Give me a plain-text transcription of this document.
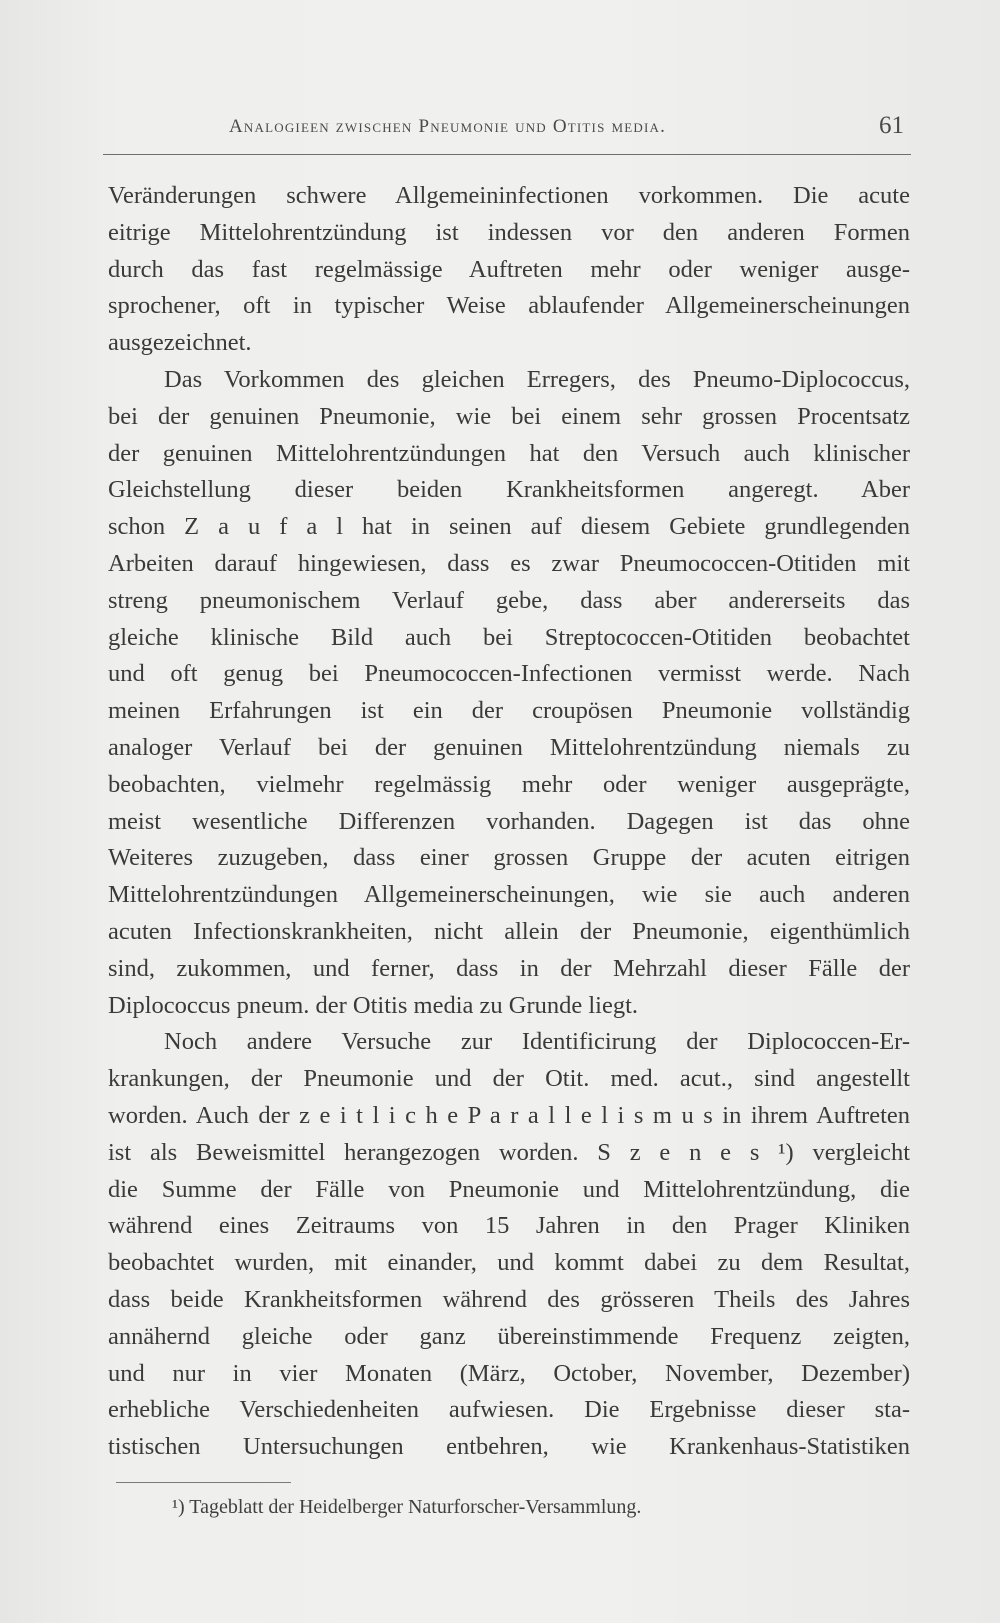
Analogieen zwischen Pneumonie und Otitis media.	61
Veränderungen schwere Allgemeininfectionen vorkommen. Die acute
eitrige Mittelohrentzündung ist indessen vor den anderen Formen
durch das fast regelmässige Auftreten mehr oder weniger ausge-
sprochener, oft in typischer Weise ablaufender Allgemeinerscheinungen
ausgezeichnet.
Das Vorkommen des gleichen Erregers, des Pneumo-Diplococcus,
bei der genuinen Pneumonie, wie bei einem sehr grossen Procentsatz
der genuinen Mittelohrentzündungen hat den Versuch auch klinischer
Gleichstellung dieser beiden Krankheitsformen angeregt. Aber
schon Z a u f a l hat in seinen auf diesem Gebiete grundlegenden
Arbeiten darauf hingewiesen, dass es zwar Pneumococcen-Otitiden mit
streng pneumonischem Verlauf gebe, dass aber andererseits das
gleiche klinische Bild auch bei Streptococcen-Otitiden beobachtet
und oft genug bei Pneumococcen-Infectionen vermisst werde. Nach
meinen Erfahrungen ist ein der croupösen Pneumonie vollständig
analoger Verlauf bei der genuinen Mittelohrentzündung niemals zu
beobachten, vielmehr regelmässig mehr oder weniger ausgeprägte,
meist wesentliche Differenzen vorhanden. Dagegen ist das ohne
Weiteres zuzugeben, dass einer grossen Gruppe der acuten eitrigen
Mittelohrentzündungen Allgemeinerscheinungen, wie sie auch anderen
acuten Infectionskrankheiten, nicht allein der Pneumonie, eigenthümlich
sind, zukommen, und ferner, dass in der Mehrzahl dieser Fälle der
Diplococcus pneum. der Otitis media zu Grunde liegt.
Noch andere Versuche zur Identificirung der Diplococcen-Er-
krankungen, der Pneumonie und der Otit. med. acut., sind angestellt
worden. Auch der z e i t l i c h e P a r a l l e l i s m u s in ihrem Auftreten
ist als Beweismittel herangezogen worden. S z e n e s ¹) vergleicht
die Summe der Fälle von Pneumonie und Mittelohrentzündung, die
während eines Zeitraums von 15 Jahren in den Prager Kliniken
beobachtet wurden, mit einander, und kommt dabei zu dem Resultat,
dass beide Krankheitsformen während des grösseren Theils des Jahres
annähernd gleiche oder ganz übereinstimmende Frequenz zeigten,
und nur in vier Monaten (März, October, November, Dezember)
erhebliche Verschiedenheiten aufwiesen. Die Ergebnisse dieser sta-
tistischen Untersuchungen entbehren, wie Krankenhaus-Statistiken
¹) Tageblatt der Heidelberger Naturforscher-Versammlung.
